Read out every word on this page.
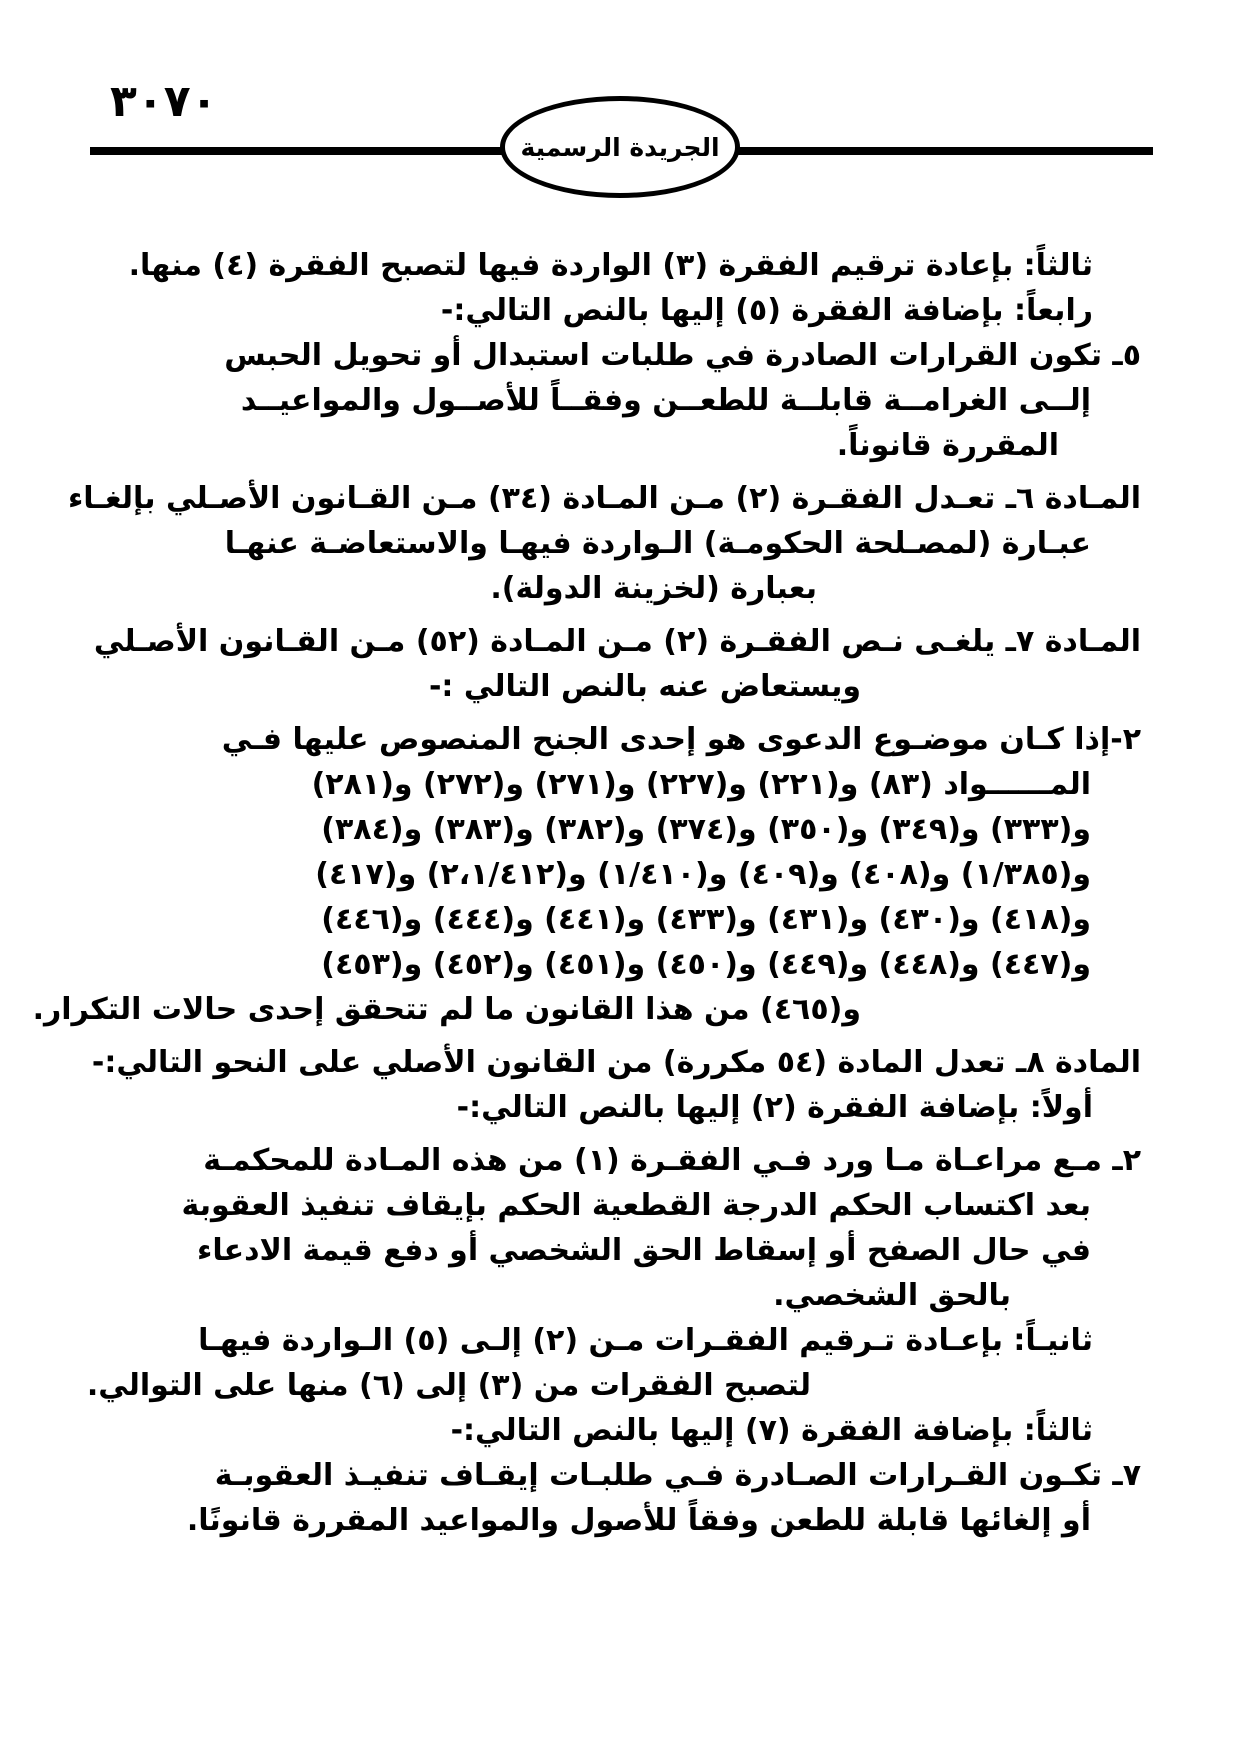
٣٠٧٠
الجريدة الرسمية
ثالثاً: بإعادة ترقيم الفقرة (٣) الواردة فيها لتصبح الفقرة (٤) منها.
رابعاً: بإضافة الفقرة (٥) إليها بالنص التالي:-
٥ـ تكون القرارات الصادرة في طلبات استبدال أو تحويل الحبس
إلــى الغرامــة قابلــة للطعــن وفقــاً للأصــول والمواعيــد
المقررة قانوناً.
المـادة ٦ـ تعـدل الفقـرة (٢) مـن المـادة (٣٤) مـن القـانون الأصـلي بإلغـاء
عبـارة (لمصـلحة الحكومـة) الـواردة فيهـا والاستعاضـة عنهـا
بعبارة (لخزينة الدولة).
المـادة ٧ـ يلغـى نـص الفقـرة (٢) مـن المـادة (٥٢) مـن القـانون الأصـلي
ويستعاض عنه بالنص التالي :-
٢-إذا كـان موضـوع الدعوى هو إحدى الجنح المنصوص عليها فـي
المــــــواد (٨٣) و(٢٢١) و(٢٢٧) و(٢٧١) و(٢٧٢) و(٢٨١)
و(٣٣٣) و(٣٤٩) و(٣٥٠) و(٣٧٤) و(٣٨٢) و(٣٨٣) و(٣٨٤)
و(١/٣٨٥) و(٤٠٨) و(٤٠٩) و(١/٤١٠) و(٢،١/٤١٢) و(٤١٧)
و(٤١٨) و(٤٣٠) و(٤٣١) و(٤٣٣) و(٤٤١) و(٤٤٤) و(٤٤٦)
و(٤٤٧) و(٤٤٨) و(٤٤٩) و(٤٥٠) و(٤٥١) و(٤٥٢) و(٤٥٣)
و(٤٦٥) من هذا القانون ما لم تتحقق إحدى حالات التكرار.
المادة ٨ـ تعدل المادة (٥٤ مكررة) من القانون الأصلي على النحو التالي:-
أولاً: بإضافة الفقرة (٢) إليها بالنص التالي:-
٢ـ مـع مراعـاة مـا ورد فـي الفقـرة (١) من هذه المـادة للمحكمـة
بعد اكتساب الحكم الدرجة القطعية الحكم بإيقاف تنفيذ العقوبة
في حال الصفح أو إسقاط الحق الشخصي أو دفع قيمة الادعاء
بالحق الشخصي.
ثانيـاً: بإعـادة تـرقيم الفقـرات مـن (٢) إلـى (٥) الـواردة فيهـا
لتصبح الفقرات من (٣) إلى (٦) منها على التوالي.
ثالثاً: بإضافة الفقرة (٧) إليها بالنص التالي:-
٧ـ تكـون القـرارات الصـادرة فـي طلبـات إيقـاف تنفيـذ العقوبـة
أو إلغائها قابلة للطعن وفقاً للأصول والمواعيد المقررة قانونًا.
